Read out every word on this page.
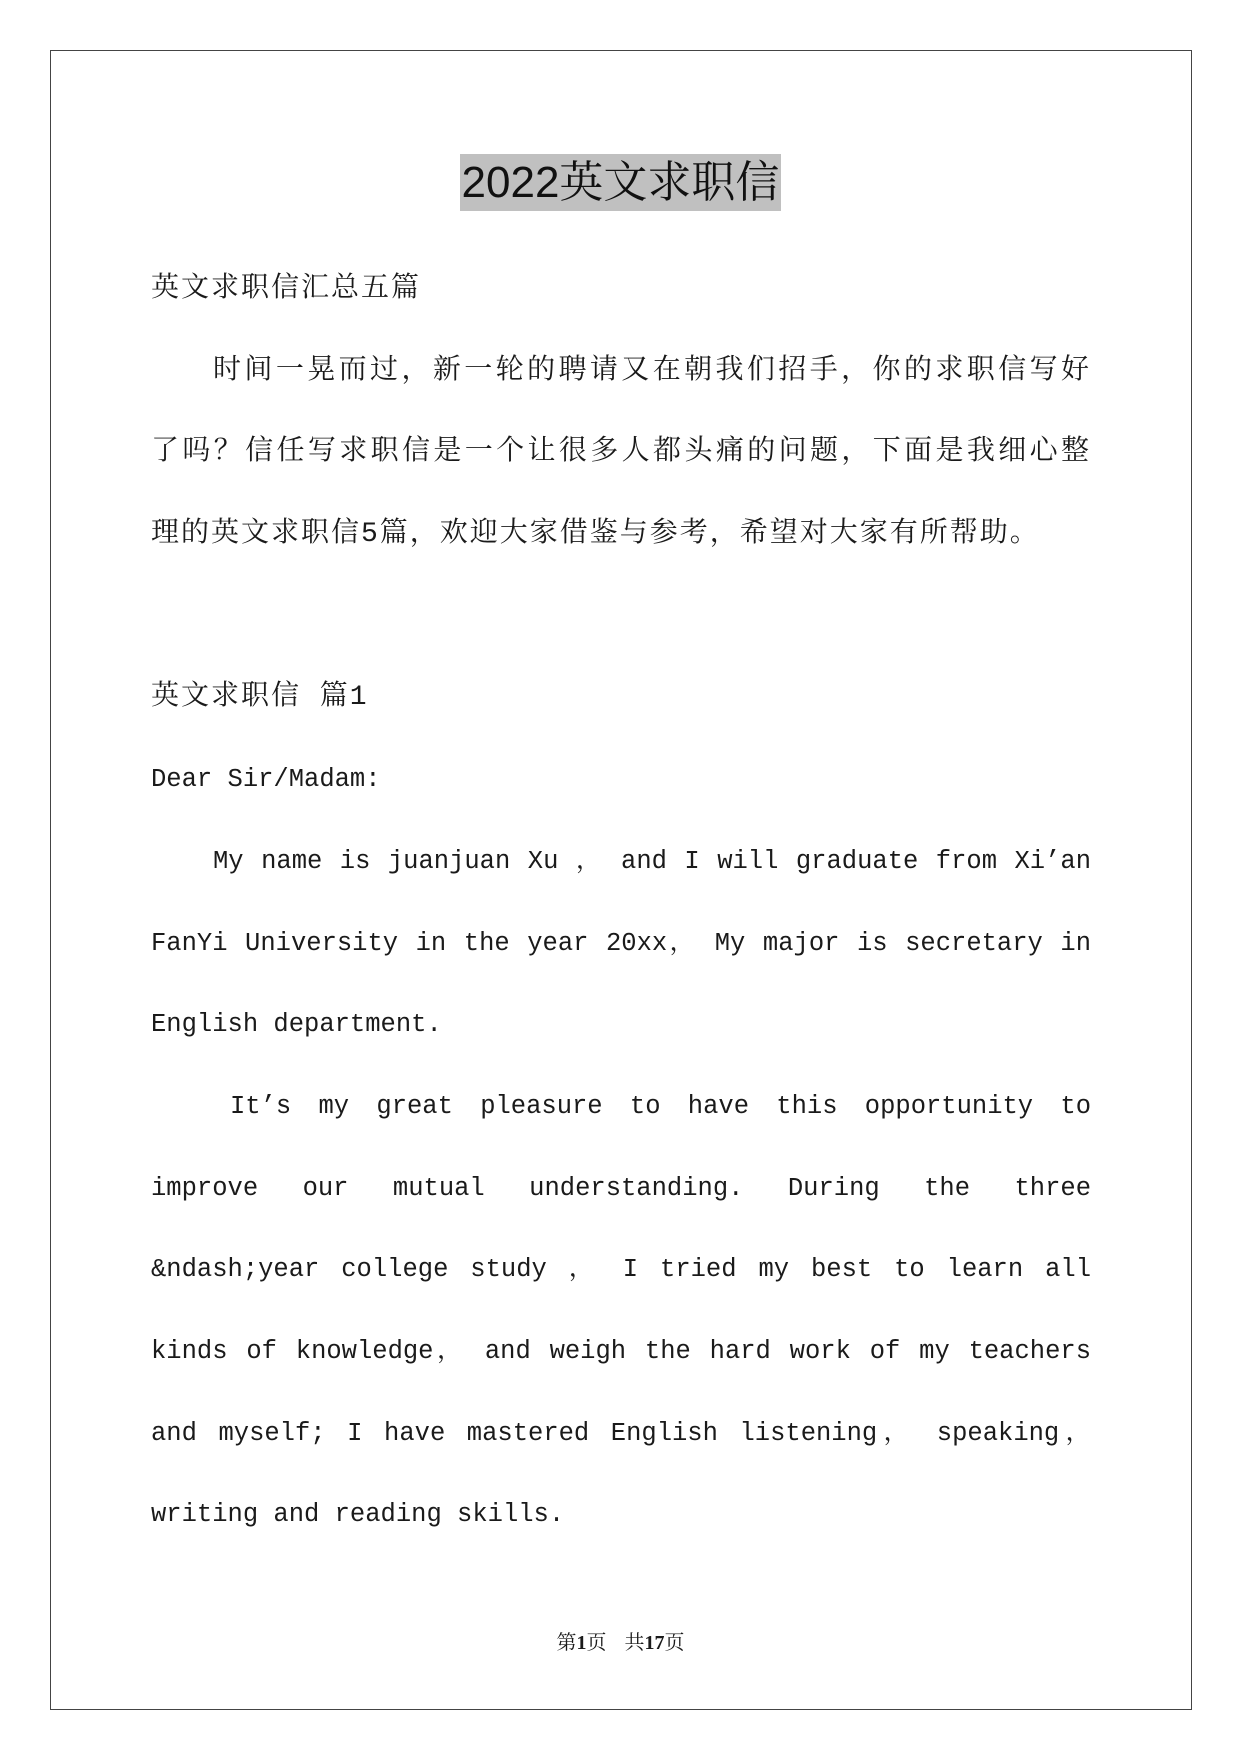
2022英文求职信
英文求职信汇总五篇
时间一晃而过，新一轮的聘请又在朝我们招手，你的求职信写好
了吗？信任写求职信是一个让很多人都头痛的问题，下面是我细心整
理的英文求职信5篇，欢迎大家借鉴与参考，希望对大家有所帮助。
英文求职信 篇1
Dear Sir/Madam:
My name is juanjuan Xu ， and I will graduate from Xi’an
FanYi University in the year 20xx， My major is secretary in
English department.
It’s my great pleasure to have this opportunity to
improve our mutual understanding. During the three
&ndash;year college study ， I tried my best to learn all
kinds of knowledge， and weigh the hard work of my teachers
and myself; I have mastered English listening， speaking，
writing and reading skills.
第1页 共17页
